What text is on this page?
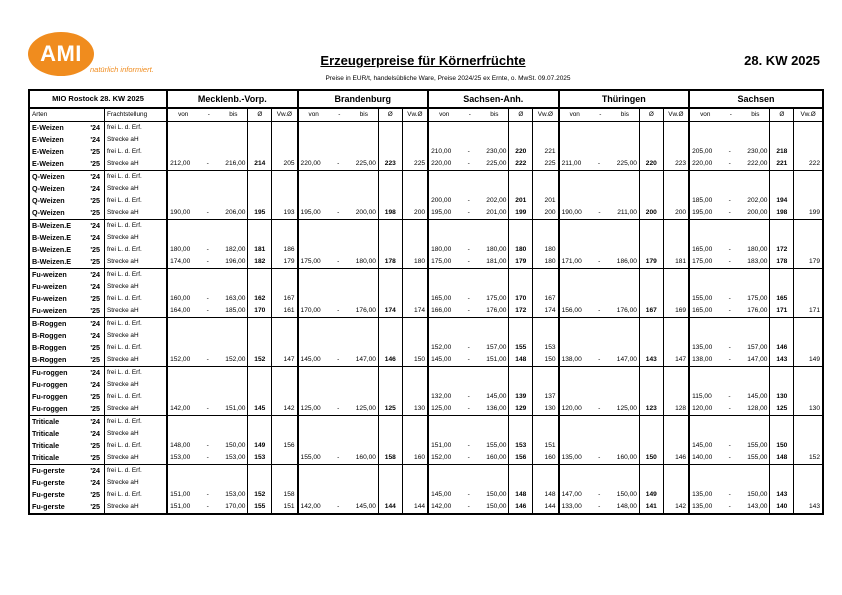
AMI
natürlich informiert.
Erzeugerpreise für Körnerfrüchte	28. KW 2025
Preise in EUR/t, handelsübliche Ware, Preise 2024/25 ex Ernte, o. MwSt. 09.07.2025
MIO Rostock 28. KW 2025			Mecklenb.-Vorp.			Brandenburg			Sachsen-Anh.			Thüringen			Sachsen		
Arten		Frachtstellung	von - bis	Ø	Vw.Ø	von - bis	Ø	Vw.Ø	von - bis	Ø	Vw.Ø	von - bis	Ø	Vw.Ø	von - bis	Ø	Vw.Ø
E-Weizen	'24	frei L. d. Erf.															
E-Weizen	'24	Strecke aH															
E-Weizen	'25	frei L. d. Erf.							210,00 - 230,00	220	221				205,00 - 230,00	218	
E-Weizen	'25	Strecke aH	212,00 - 216,00	214	205	220,00 - 225,00	223	225	220,00 - 225,00	222	225	211,00 - 225,00	220	223	220,00 - 222,00	221	222
Q-Weizen	'24	frei L. d. Erf.															
Q-Weizen	'24	Strecke aH															
Q-Weizen	'25	frei L. d. Erf.							200,00 - 202,00	201	201				185,00 - 202,00	194	
Q-Weizen	'25	Strecke aH	190,00 - 206,00	195	193	195,00 - 200,00	198	200	195,00 - 201,00	199	200	190,00 - 211,00	200	200	195,00 - 200,00	198	199
B-Weizen.E	'24	frei L. d. Erf.															
B-Weizen.E	'24	Strecke aH															
B-Weizen.E	'25	frei L. d. Erf.	180,00 - 182,00	181	186				180,00 - 180,00	180	180				165,00 - 180,00	172	
B-Weizen.E	'25	Strecke aH	174,00 - 196,00	182	179	175,00 - 180,00	178	180	175,00 - 181,00	179	180	171,00 - 186,00	179	181	175,00 - 183,00	178	179
Fu-weizen	'24	frei L. d. Erf.															
Fu-weizen	'24	Strecke aH															
Fu-weizen	'25	frei L. d. Erf.	160,00 - 163,00	162	167				165,00 - 175,00	170	167				155,00 - 175,00	165	
Fu-weizen	'25	Strecke aH	164,00 - 185,00	170	161	170,00 - 176,00	174	174	166,00 - 176,00	172	174	156,00 - 176,00	167	169	165,00 - 176,00	171	171
B-Roggen	'24	frei L. d. Erf.															
B-Roggen	'24	Strecke aH															
B-Roggen	'25	frei L. d. Erf.							152,00 - 157,00	155	153				135,00 - 157,00	146	
B-Roggen	'25	Strecke aH	152,00 - 152,00	152	147	145,00 - 147,00	146	150	145,00 - 151,00	148	150	138,00 - 147,00	143	147	138,00 - 147,00	143	149
Fu-roggen	'24	frei L. d. Erf.															
Fu-roggen	'24	Strecke aH															
Fu-roggen	'25	frei L. d. Erf.							132,00 - 145,00	139	137				115,00 - 145,00	130	
Fu-roggen	'25	Strecke aH	142,00 - 151,00	145	142	125,00 - 125,00	125	130	125,00 - 136,00	129	130	120,00 - 125,00	123	128	120,00 - 128,00	125	130
Triticale	'24	frei L. d. Erf.															
Triticale	'24	Strecke aH															
Triticale	'25	frei L. d. Erf.	148,00 - 150,00	149	156				151,00 - 155,00	153	151				145,00 - 155,00	150	
Triticale	'25	Strecke aH	153,00 - 153,00	153		155,00 - 160,00	158	160	152,00 - 160,00	156	160	135,00 - 160,00	150	146	140,00 - 155,00	148	152
Fu-gerste	'24	frei L. d. Erf.															
Fu-gerste	'24	Strecke aH															
Fu-gerste	'25	frei L. d. Erf.	151,00 - 153,00	152	158				145,00 - 150,00	148	148	147,00 - 150,00	149		135,00 - 150,00	143	
Fu-gerste	'25	Strecke aH	151,00 - 170,00	155	151	142,00 - 145,00	144	144	142,00 - 150,00	146	144	133,00 - 148,00	141	142	135,00 - 143,00	140	143
